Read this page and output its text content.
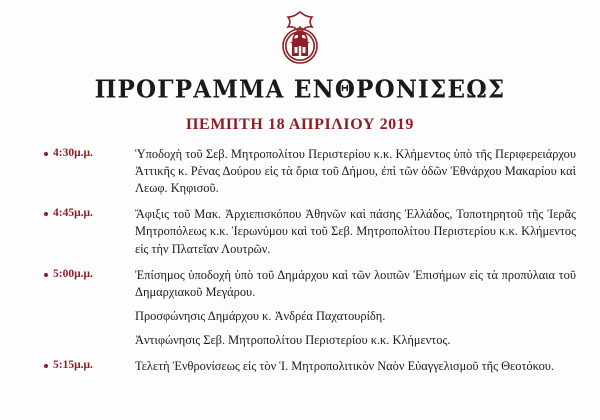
ΠΡΟΓΡΑΜΜΑ ΕΝΘΡΟΝΙΣΕΩΣ
ΠΕΜΠΤΗ 18 ΑΠΡΙΛΙΟΥ 2019
4:30μ.μ.	Ὑποδοχὴ τοῦ Σεβ. Μητροπολίτου Περιστερίου κ.κ. Κλήμεντος ὑπὸ τῆς Περιφερειάρχου Ἀττικῆς κ. Ρένας Δούρου εἰς τὰ ὅρια τοῦ Δήμου, ἐπὶ τῶν ὁδῶν Ἐθνάρχου Μακαρίου καὶ Λεωφ. Κηφισοῦ.
4:45μ.μ.	Ἄφιξις τοῦ Μακ. Ἀρχιεπισκόπου Ἀθηνῶν καὶ πάσης Ἑλλάδος, Τοποτηρητοῦ τῆς Ἱερᾶς Μητροπόλεως κ.κ. Ἱερωνύμου καὶ τοῦ Σεβ. Μητροπολίτου Περιστερίου κ.κ. Κλήμεντος εἰς τὴν Πλατεῖαν Λουτρῶν.
5:00μ.μ.	Ἐπίσημος ὑποδοχὴ ὑπὸ τοῦ Δημάρχου καὶ τῶν λοιπῶν Ἐπισήμων εἰς τὰ προπύλαια τοῦ Δημαρχιακοῦ Μεγάρου.
Προσφώνησις Δημάρχου κ. Ἀνδρέα Παχατουρίδη.
Ἀντιφώνησις Σεβ. Μητροπολίτου Περιστερίου κ.κ. Κλήμεντος.
5:15μ.μ.	Τελετὴ Ἐνθρονίσεως εἰς τὸν Ἱ. Μητροπολιτικὸν Ναὸν Εὐαγγελισμοῦ τῆς Θεοτόκου.
